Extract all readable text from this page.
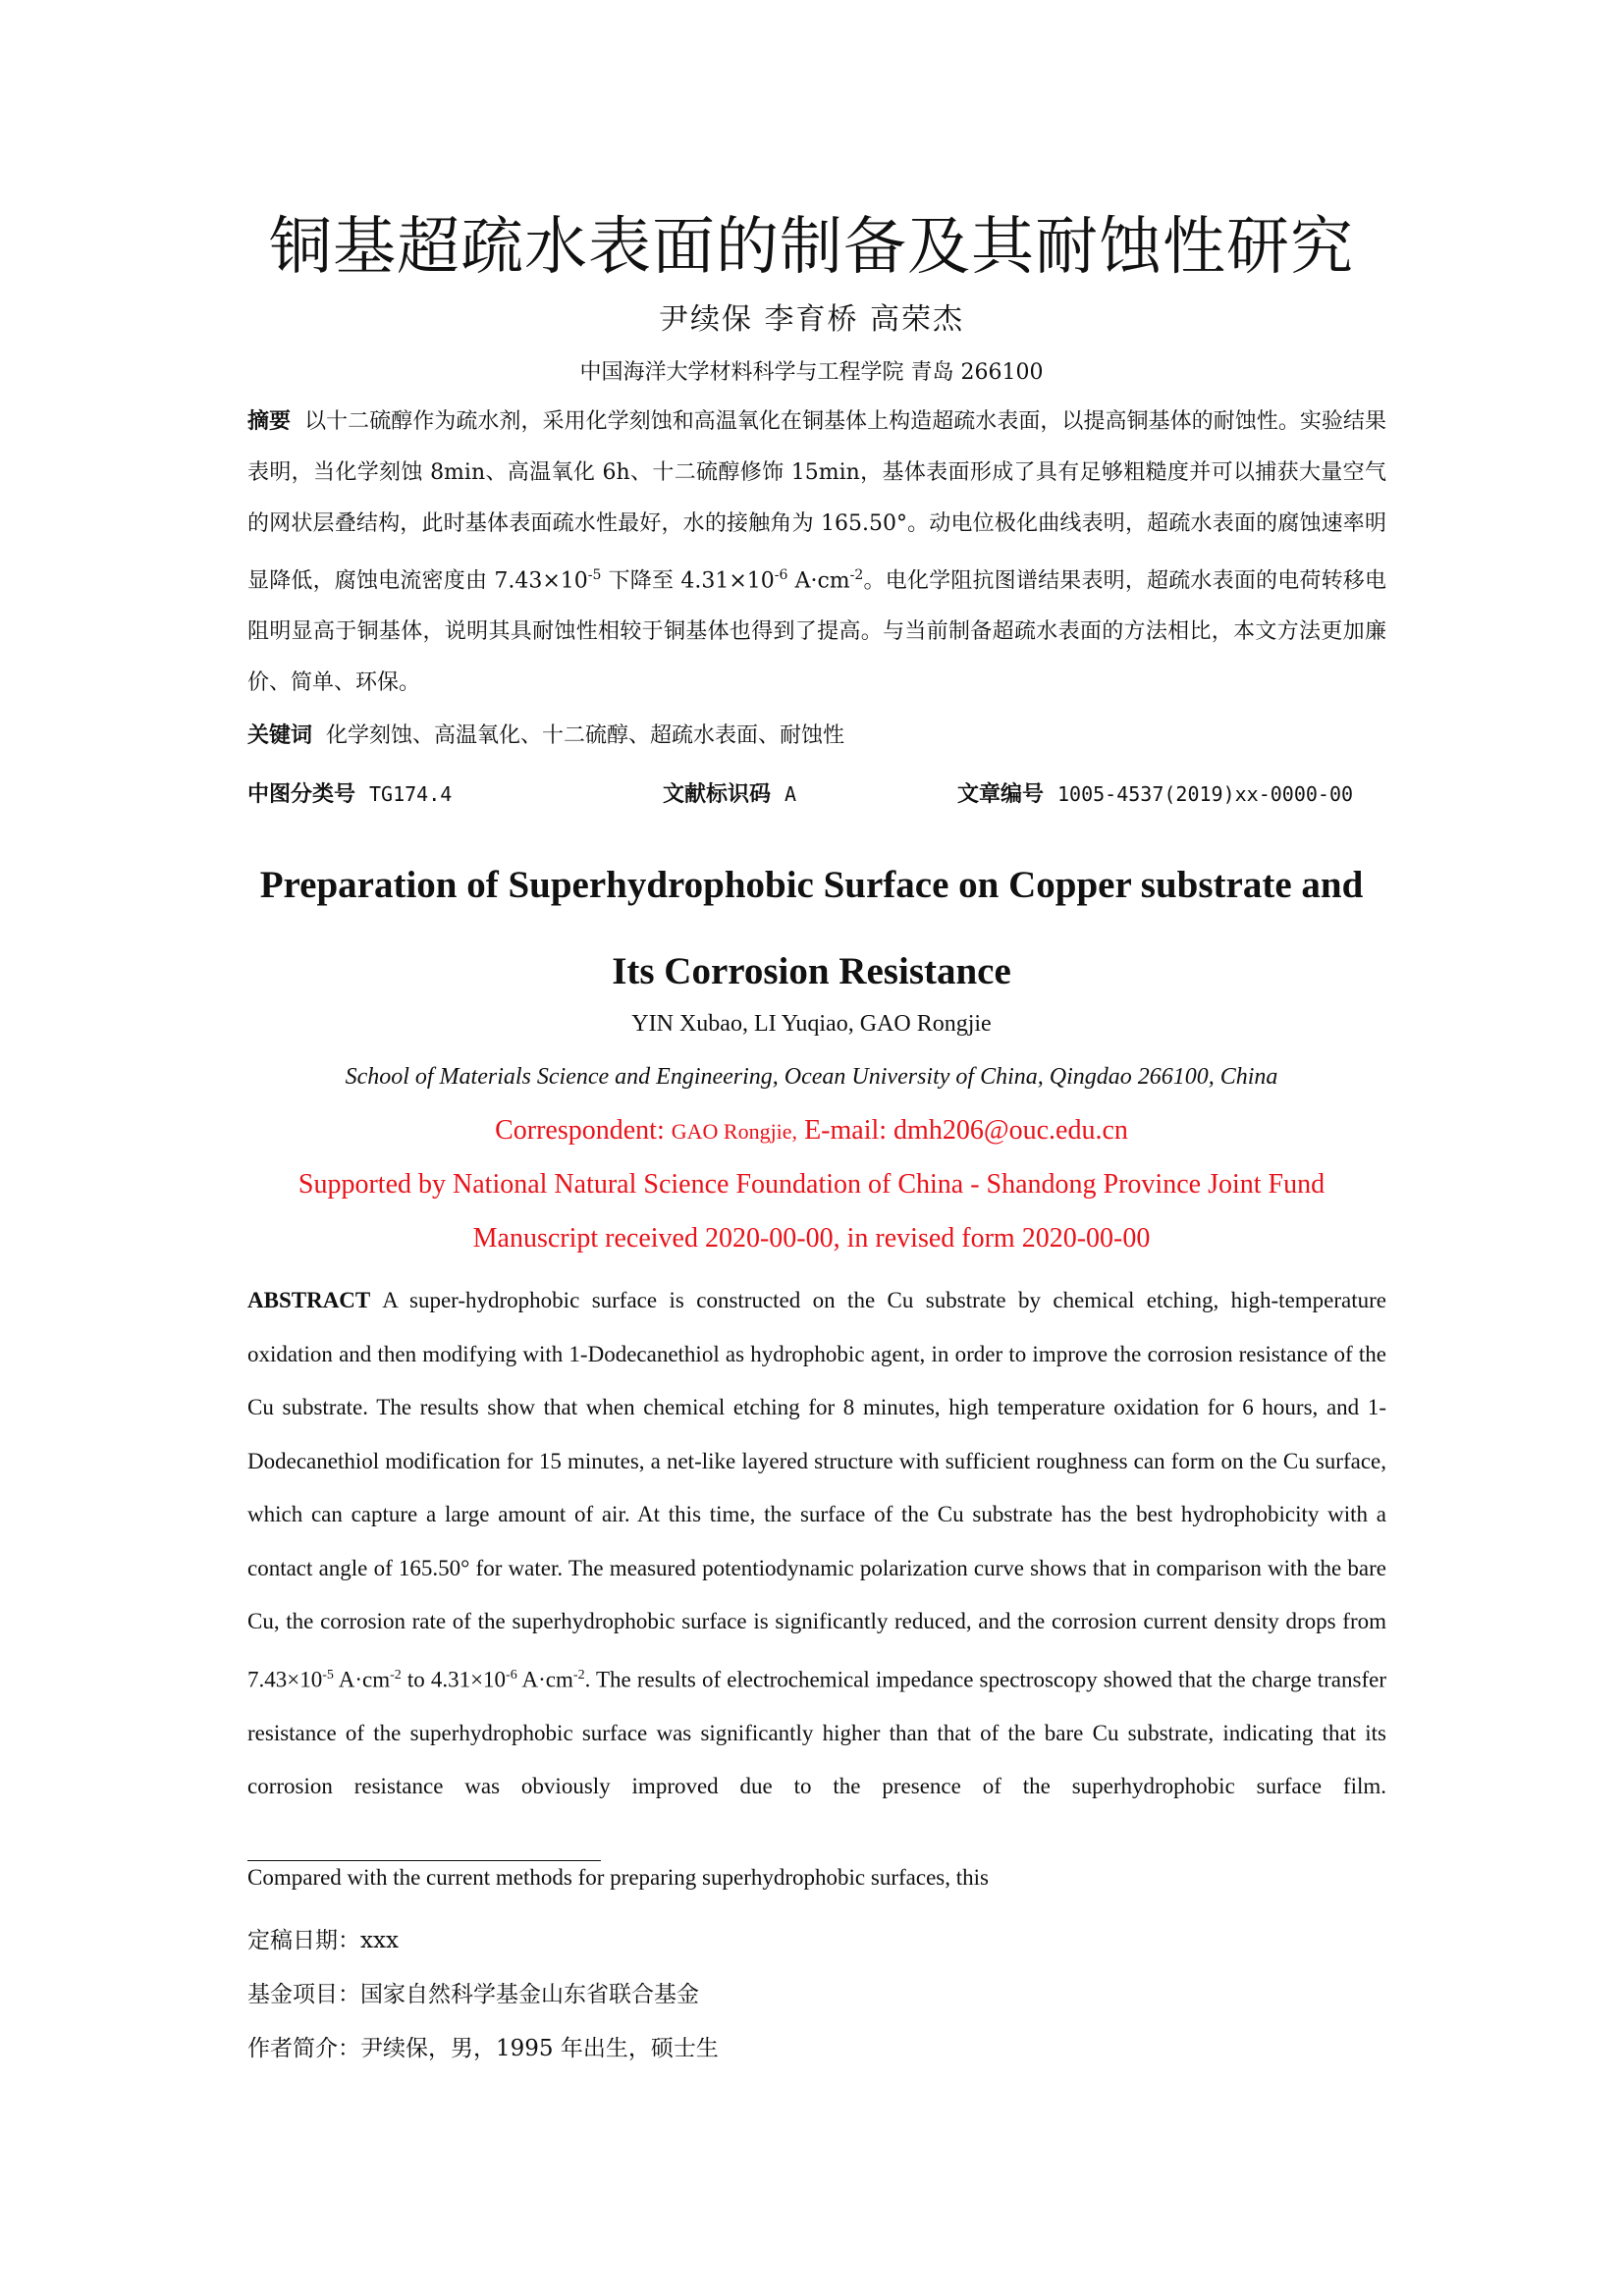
铜基超疏水表面的制备及其耐蚀性研究
尹续保 李育桥 高荣杰
中国海洋大学材料科学与工程学院 青岛 266100
摘要 以十二硫醇作为疏水剂，采用化学刻蚀和高温氧化在铜基体上构造超疏水表面，以提高铜基体的耐蚀性。实验结果表明，当化学刻蚀 8min、高温氧化 6h、十二硫醇修饰 15min，基体表面形成了具有足够粗糙度并可以捕获大量空气的网状层叠结构，此时基体表面疏水性最好，水的接触角为 165.50°。动电位极化曲线表明，超疏水表面的腐蚀速率明显降低，腐蚀电流密度由 $7.43\times 10^{-5}$ 下降至 $4.31\times 10^{-6}$ $A\cdot cm^{-2}$。电化学阻抗图谱结果表明，超疏水表面的电荷转移电阻明显高于铜基体，说明其具耐蚀性相较于铜基体也得到了提高。与当前制备超疏水表面的方法相比，本文方法更加廉价、简单、环保。
关键词 化学刻蚀、高温氧化、十二硫醇、超疏水表面、耐蚀性
中图分类号 TG174.4	文献标识码 A	文章编号 1005-4537(2019)xx-0000-00
Preparation of Superhydrophobic Surface on Copper substrate and
Its Corrosion Resistance
YIN Xubao, LI Yuqiao, GAO Rongjie
School of Materials Science and Engineering, Ocean University of China, Qingdao 266100, China
Correspondent: GAO Rongjie, E-mail: dmh206@ouc.edu.cn
Supported by National Natural Science Foundation of China - Shandong Province Joint Fund
Manuscript received 2020-00-00, in revised form 2020-00-00
ABSTRACT A super-hydrophobic surface is constructed on the Cu substrate by chemical etching, high-temperature oxidation and then modifying with 1-Dodecanethiol as hydrophobic agent, in order to improve the corrosion resistance of the Cu substrate. The results show that when chemical etching for 8 minutes, high temperature oxidation for 6 hours, and 1-Dodecanethiol modification for 15 minutes, a net-like layered structure with sufficient roughness can form on the Cu surface, which can capture a large amount of air. At this time, the surface of the Cu substrate has the best hydrophobicity with a contact angle of 165.50° for water. The measured potentiodynamic polarization curve shows that in comparison with the bare Cu, the corrosion rate of the superhydrophobic surface is significantly reduced, and the corrosion current density drops from $7.43\times 10^{-5}$ $A\cdot cm^{-2}$ to $4.31\times 10^{-6}$ $A\cdot cm^{-2}$. The results of electrochemical impedance spectroscopy showed that the charge transfer resistance of the superhydrophobic surface was significantly higher than that of the bare Cu substrate, indicating that its corrosion resistance was obviously improved due to the presence of the superhydrophobic surface film.
Compared with the current methods for preparing superhydrophobic surfaces, this
定稿日期：xxx
基金项目：国家自然科学基金山东省联合基金
作者简介：尹续保，男，1995 年出生，硕士生
